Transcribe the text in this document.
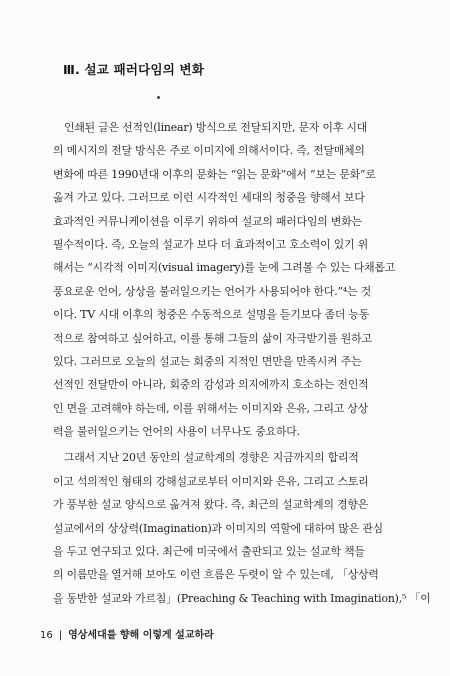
Ⅲ. 설교 패러다임의 변화
인쇄된 글은 선적인(linear) 방식으로 전달되지만, 문자 이후 시대
의 메시지의 전달 방식은 주로 이미지에 의해서이다. 즉, 전달매체의
변화에 따른 1990년대 이후의 문화는 “읽는 문화”에서 “보는 문화”로
옮겨 가고 있다. 그러므로 이런 시각적인 세대의 청중을 향해서 보다
효과적인 커뮤니케이션을 이루기 위하여 설교의 패러다임의 변화는
필수적이다. 즉, 오늘의 설교가 보다 더 효과적이고 호소력이 있기 위
해서는 “시각적 이미지(visual imagery)를 눈에 그려볼 수 있는 다채롭고
풍요로운 언어, 상상을 불러일으키는 언어가 사용되어야 한다.”⁴는 것
이다. TV 시대 이후의 청중은 수동적으로 설명을 듣기보다 좀더 능동
적으로 참여하고 싶어하고, 이를 통해 그들의 삶이 자극받기를 원하고
있다. 그러므로 오늘의 설교는 회중의 지적인 면만을 만족시켜 주는
선적인 전달만이 아니라, 회중의 감성과 의지에까지 호소하는 전인적
인 면을 고려해야 하는데, 이를 위해서는 이미지와 은유, 그리고 상상
력을 불러일으키는 언어의 사용이 너무나도 중요하다.
그래서 지난 20년 동안의 설교학계의 경향은 지금까지의 합리적
이고 석의적인 형태의 강해설교로부터 이미지와 은유, 그리고 스토리
가 풍부한 설교 양식으로 옮겨져 왔다. 즉, 최근의 설교학계의 경향은
설교에서의 상상력(Imagination)과 이미지의 역할에 대하여 많은 관심
을 두고 연구되고 있다. 최근에 미국에서 출판되고 있는 설교학 책들
의 이름만을 열거해 보아도 이런 흐름은 두렷이 알 수 있는데, 「상상력
을 동반한 설교와 가르침」(Preaching & Teaching with Imagination),⁵ 「이
16 | 영상세대를 향해 이렇게 설교하라
